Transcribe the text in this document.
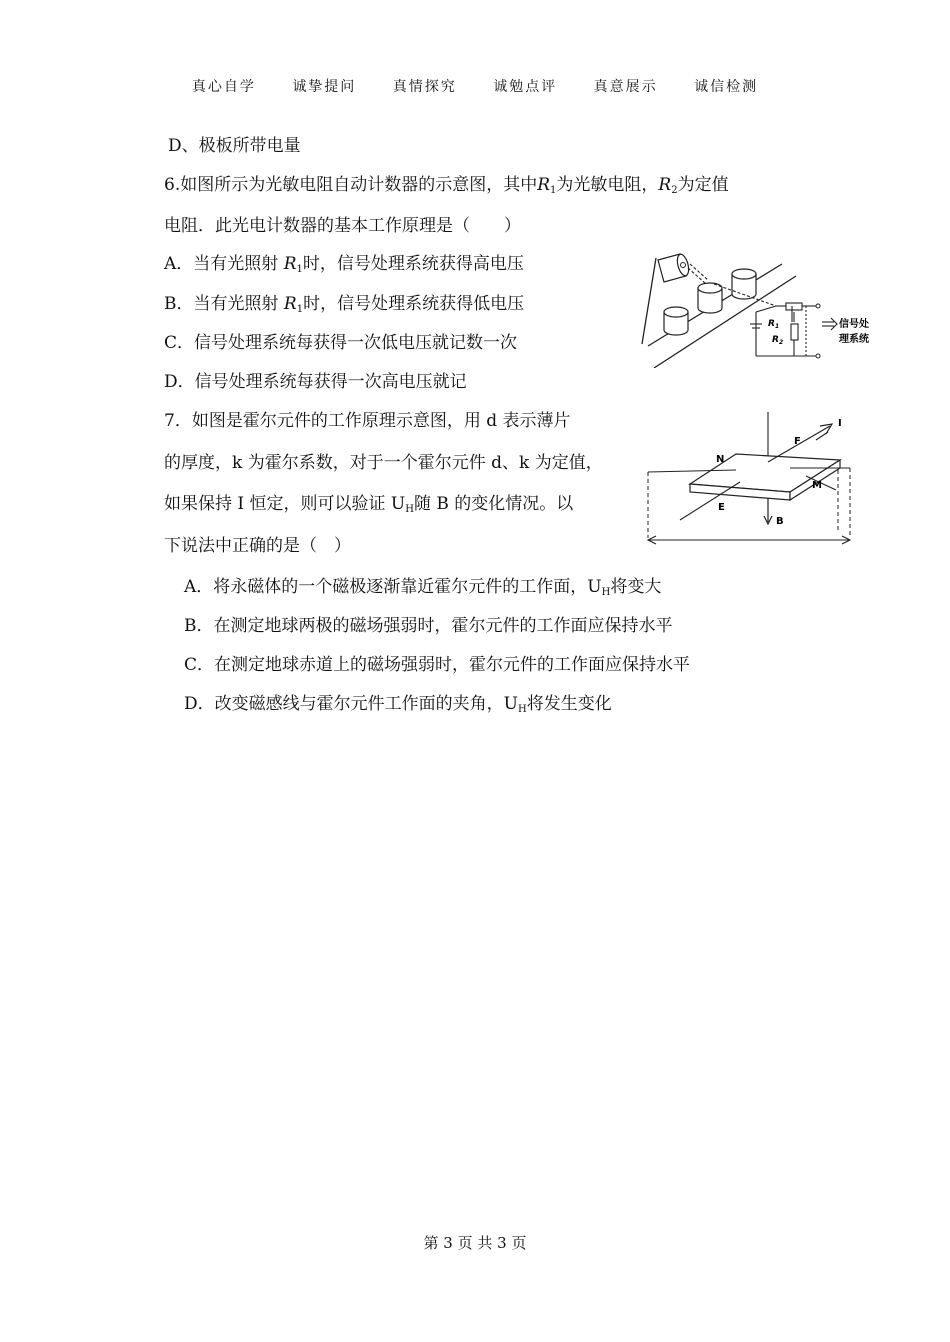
真心自学	诚挚提问	真情探究	诚勉点评	真意展示	诚信检测
D、极板所带电量
6.如图所示为光敏电阻自动计数器的示意图，其中$R_1$为光敏电阻，$R_2$为定值
电阻．此光电计数器的基本工作原理是（　　）
A．当有光照射 $R_1$时，信号处理系统获得高电压
B．当有光照射 $R_1$时，信号处理系统获得低电压
C．信号处理系统每获得一次低电压就记数一次
D．信号处理系统每获得一次高电压就记
$R_1$
$R_2$
信号处
理系统
7．如图是霍尔元件的工作原理示意图，用 d 表示薄片
的厚度，k 为霍尔系数，对于一个霍尔元件 d、k 为定值，
如果保持 I 恒定，则可以验证 $U_H$随 B 的变化情况。以
下说法中正确的是（　）
A．将永磁体的一个磁极逐渐靠近霍尔元件的工作面，$U_H$将变大
B．在测定地球两极的磁场强弱时，霍尔元件的工作面应保持水平
C．在测定地球赤道上的磁场强弱时，霍尔元件的工作面应保持水平
D．改变磁感线与霍尔元件工作面的夹角，$U_H$将发生变化
I
F
N
M
E
B
第 3 页 共 3 页
